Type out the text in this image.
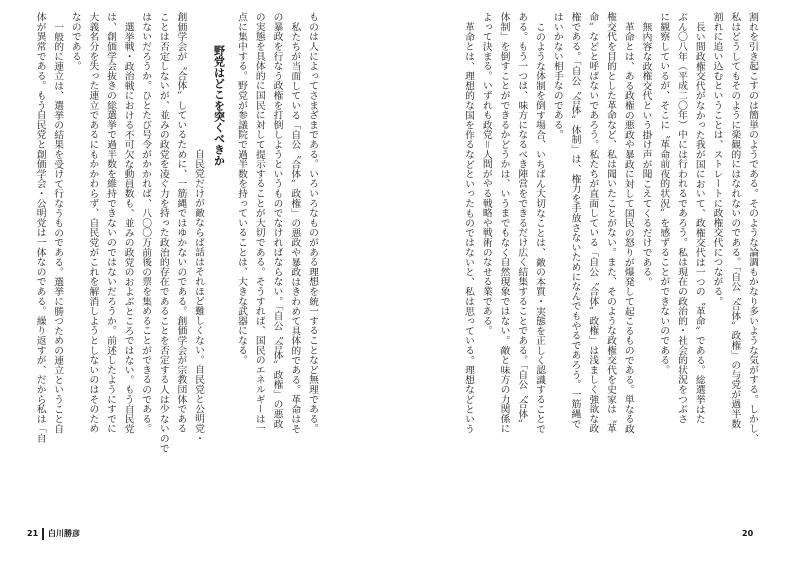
割れを引き起こすのは簡単のようである。そのような論調もかなり多いような気がする。しかし、
私はどうしてもそのように楽観的にはなれないのである。「自公〝合体〟政権」の与党が過半数
割れに追い込むということは、ストレートに政権交代につながる。
長い間政権交代がなかった我が国において、政権交代は一つの〝革命〟である。総選挙はた
ぶん〇八年（平成二〇年）中には行われるであろう。私は現在の政治的・社会的状況をつぶさ
に観察しているが、そこに〝革命前夜的状況〟を感ずることができないのである。
無内容な政権交代という掛け声が聞こえてくるだけである。
革命とは、ある政権の悪政や暴政に対して国民の怒りが爆発して起こるものである。単なる政
権交代を目的とした革命など、私は聞いたことがない。また、そのような政権交代を史家は〝革
命〟などと呼ばないであろう。私たちが直面している「自公〝合体〟政権」は浅ましく強欲な政
権である。「自公〝合体〟体制」は、権力を手放さないためになんでもやるであろう。一筋縄で
はいかない相手なのである。
このような体制を倒す場合、いちばん大切なことは、敵の本質・実態を正しく認識することで
ある。もう一つは、味方になるべき陣営をできるだけ広く結集することである。「自公〝合体〟
体制」を倒すことができるかどうかは、いうまでもなく自然現象ではない。敵と味方の力関係に
よって決まる。いずれも政党＝人間がやる戦略や戦術のなせる業である。
革命とは、理想的な国を作るなどといったものではないと、私は思っている。理想などという
20
ものは人によってさまざまである。いろいろなものがある理想を統一することなど無理である。
私たちが当面している「自公〝合体〟政権」の悪政や暴政はきわめて具体的である。革命はそ
の暴政を行なう政権を打倒しようというものでなければならない。「自公〝合体〟政権」の悪政
の実態を具体的に国民に対して提示することが大切である。そうすれば、国民のエネルギーは一
点に集中する。野党が参議院で過半数を持っていることは、大きな武器になる。
野党はどこを突くべきか
自民党だけが敵ならば話はそれほど難しくない。自民党と公明党・
創価学会が〝合体〟しているために、一筋縄ではゆかないのである。創価学会が宗教団体である
ことは否定しないが、並みの政党を凌ぐ力を持った政治的存在であることを否定する人は少ないので
はないだろうか。ひとたび号令がかかれば、八〇〇万前後の票を集めることができるのである。
選挙戦・政治戦における不可欠な動員数も、並みの政党のおよぶところではない。もう自民党
は、創価学会抜きの総選挙で過半数を維持できないのではないだろうか。前述したようにすでに
大義名分を失った連立であるにもかかわらず、自民党がこれを解消しようとしないのはそのため
なのである。
一般的に連立は、選挙の結果を受けて行なうものである。選挙に勝つための連立ということ自
体が異常である。もう自民党と創価学会・公明党は一体なのである。繰り返すが、だから私は「自
21 白川勝彦
